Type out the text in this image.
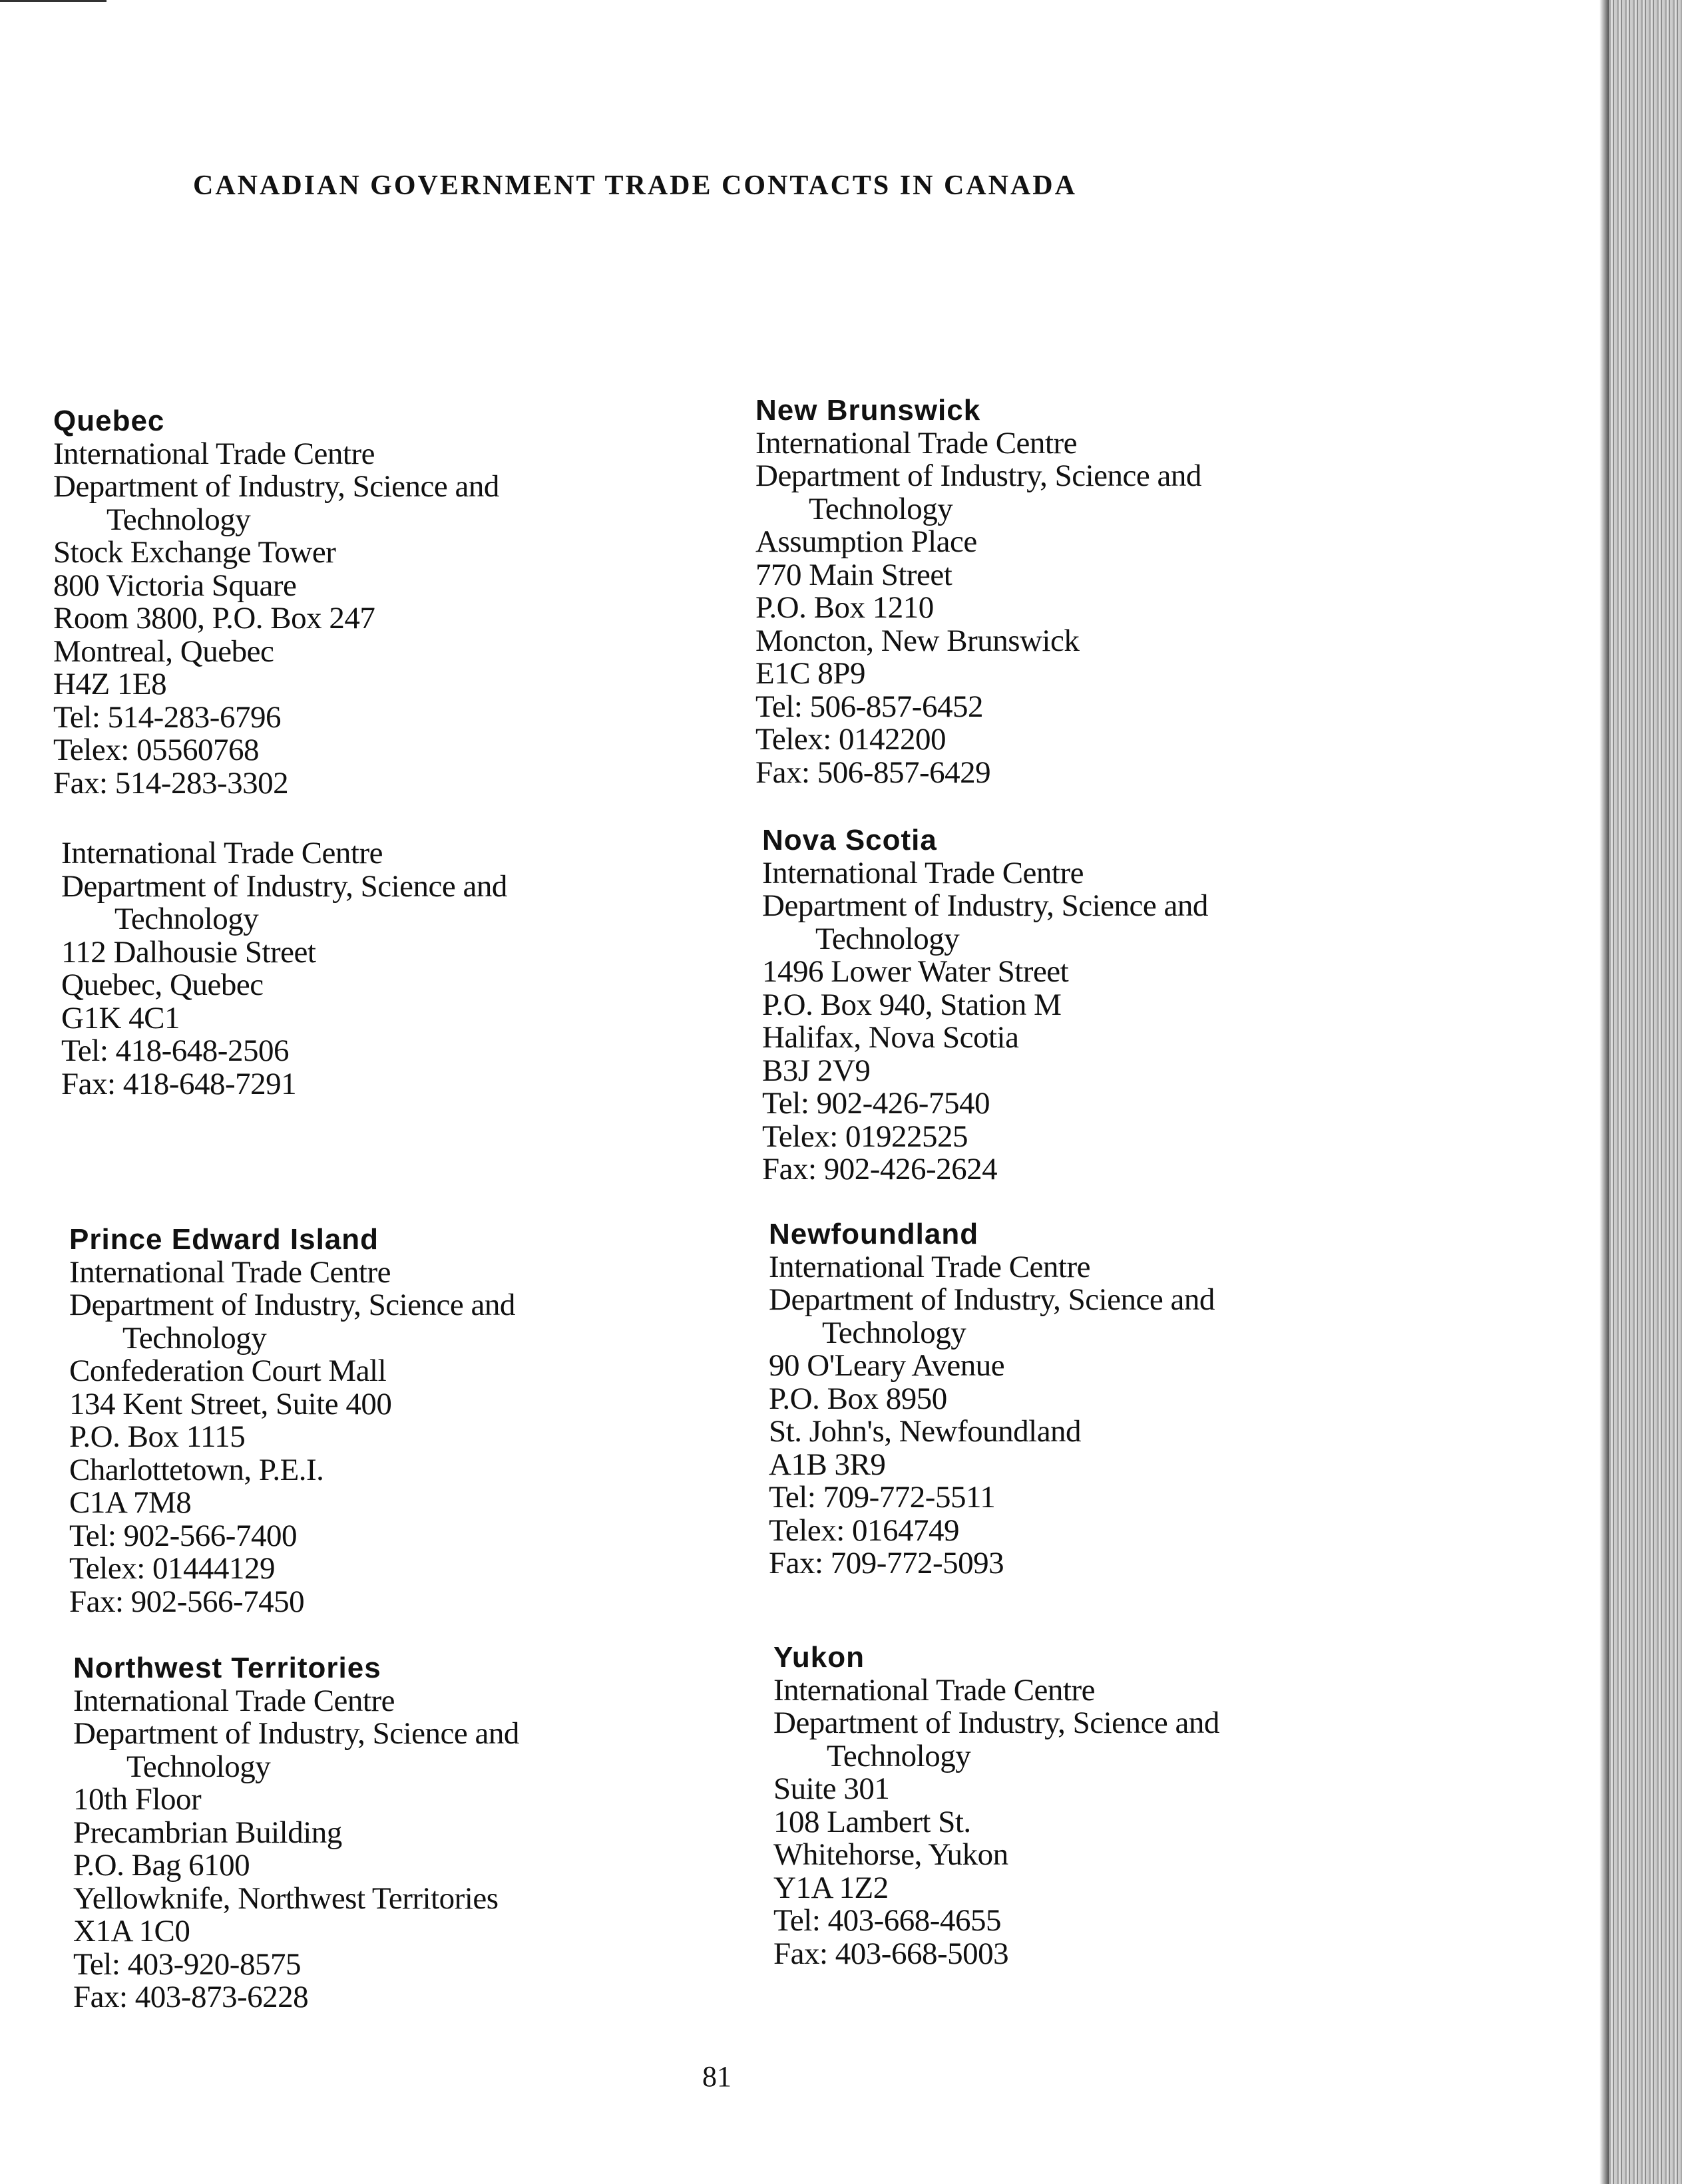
CANADIAN GOVERNMENT TRADE CONTACTS IN CANADA
Quebec
International Trade Centre
Department of Industry, Science and
Technology
Stock Exchange Tower
800 Victoria Square
Room 3800, P.O. Box 247
Montreal, Quebec
H4Z 1E8
Tel: 514-283-6796
Telex: 05560768
Fax: 514-283-3302
International Trade Centre
Department of Industry, Science and
Technology
112 Dalhousie Street
Quebec, Quebec
G1K 4C1
Tel: 418-648-2506
Fax: 418-648-7291
Prince Edward Island
International Trade Centre
Department of Industry, Science and
Technology
Confederation Court Mall
134 Kent Street, Suite 400
P.O. Box 1115
Charlottetown, P.E.I.
C1A 7M8
Tel: 902-566-7400
Telex: 01444129
Fax: 902-566-7450
Northwest Territories
International Trade Centre
Department of Industry, Science and
Technology
10th Floor
Precambrian Building
P.O. Bag 6100
Yellowknife, Northwest Territories
X1A 1C0
Tel: 403-920-8575
Fax: 403-873-6228
New Brunswick
International Trade Centre
Department of Industry, Science and
Technology
Assumption Place
770 Main Street
P.O. Box 1210
Moncton, New Brunswick
E1C 8P9
Tel: 506-857-6452
Telex: 0142200
Fax: 506-857-6429
Nova Scotia
International Trade Centre
Department of Industry, Science and
Technology
1496 Lower Water Street
P.O. Box 940, Station M
Halifax, Nova Scotia
B3J 2V9
Tel: 902-426-7540
Telex: 01922525
Fax: 902-426-2624
Newfoundland
International Trade Centre
Department of Industry, Science and
Technology
90 O'Leary Avenue
P.O. Box 8950
St. John's, Newfoundland
A1B 3R9
Tel: 709-772-5511
Telex: 0164749
Fax: 709-772-5093
Yukon
International Trade Centre
Department of Industry, Science and
Technology
Suite 301
108 Lambert St.
Whitehorse, Yukon
Y1A 1Z2
Tel: 403-668-4655
Fax: 403-668-5003
81
